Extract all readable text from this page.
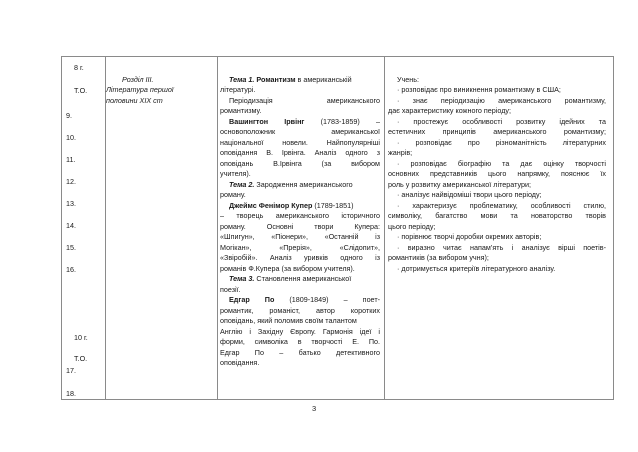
9.
10.
11.
12.
13.
14.
15.
16.
17.
18.
8 г.
Т.О.
10 г.
Т.О.
Розділ ІІІ.
Література першої
половини ХІХ ст
Тема 1. Романтизм в американській
літературі.
Періодизація американського
романтизму.
Вашингтон Ірвінг (1783-1859) –
основоположник американської
національної новели. Найпопулярніші
оповідання В. Ірвінга. Аналіз одного з
оповідань В.Ірвінга (за вибором
учителя).
Тема 2. Зародження американського
роману.
Джеймс Фенімор Купер (1789-1851)
– творець американського історичного
роману. Основні твори Купера:
«Шпигун», «Піонери», «Останній із
Могікан», «Прерія», «Слідопит»,
«Звіробій». Аналіз уривків одного із
романів Ф.Купера (за вибором учителя).
Тема 3. Становлення американської
поезії.
Едгар По (1809-1849) – поет-
романтик, романіст, автор коротких
оповідань, який поломив своїм талантом
Англію і Західну Європу. Гармонія ідеї і
форми, символіка в творчості Е. По.
Едгар По – батько детективного
оповідання.
Учень:
· розповідає про виникнення романтизму в США;
· знає періодизацію американського романтизму,
дає характеристику кожного періоду;
· простежує особливості розвитку ідейних та
естетичних принципів американського романтизму;
· розповідає про різноманітність літературних
жанрів;
· розповідає біографію та дає оцінку творчості
основних представників цього напрямку, пояснює їх
роль у розвитку американської літератури;
· аналізує найвідоміші твори цього періоду;
· характеризує проблематику, особливості стилю,
символіку, багатство мови та новаторство творів
цього періоду;
· порівнює творчі доробки окремих авторів;
· виразно читає напам’ять і аналізує вірші поетів-
романтиків (за вибором учня);
· дотримується критеріїв літературного аналізу.
3
